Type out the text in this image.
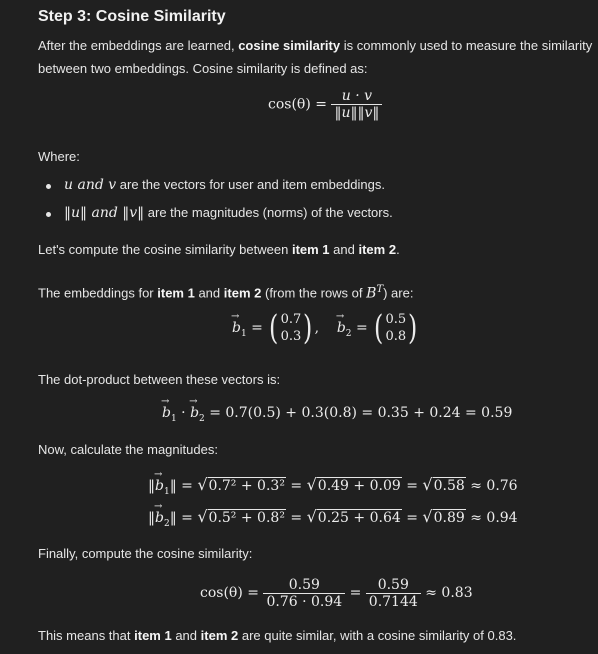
Step 3: Cosine Similarity
After the embeddings are learned, cosine similarity is commonly used to measure the similarity
between two embeddings. Cosine similarity is defined as:
$\cos(\theta) = \frac{u \cdot v}{‖u‖‖v‖}$
Where:
u and v are the vectors for user and item embeddings.
‖u‖ and ‖v‖ are the magnitudes (norms) of the vectors.
Let's compute the cosine similarity between item 1 and item 2.
The embeddings for item 1 and item 2 (from the rows of $B^T$) are:
→ $b_1$ = ( 0.7
0.3 ) ,    → $b_2$ = ( 0.5
0.8 )
The dot-product between these vectors is:
→ $b_1$ · → $b_2 = 0.7(0.5) + 0.3(0.8) = 0.35 + 0.24 = 0.59$
Now, calculate the magnitudes:
‖→ $b_1‖ = √0.7^2 + 0.3^2 = √0.49 + 0.09 = √0.58 \approx 0.76$
‖→ $b_2‖ = √0.5^2 + 0.8^2 = √0.25 + 0.64 = √0.89 \approx 0.94$
Finally, compute the cosine similarity:
$\cos(\theta) = \frac{0.59}{0.76 \cdot 0.94} = \frac{0.59}{0.7144} \approx 0.83$
This means that item 1 and item 2 are quite similar, with a cosine similarity of 0.83.
